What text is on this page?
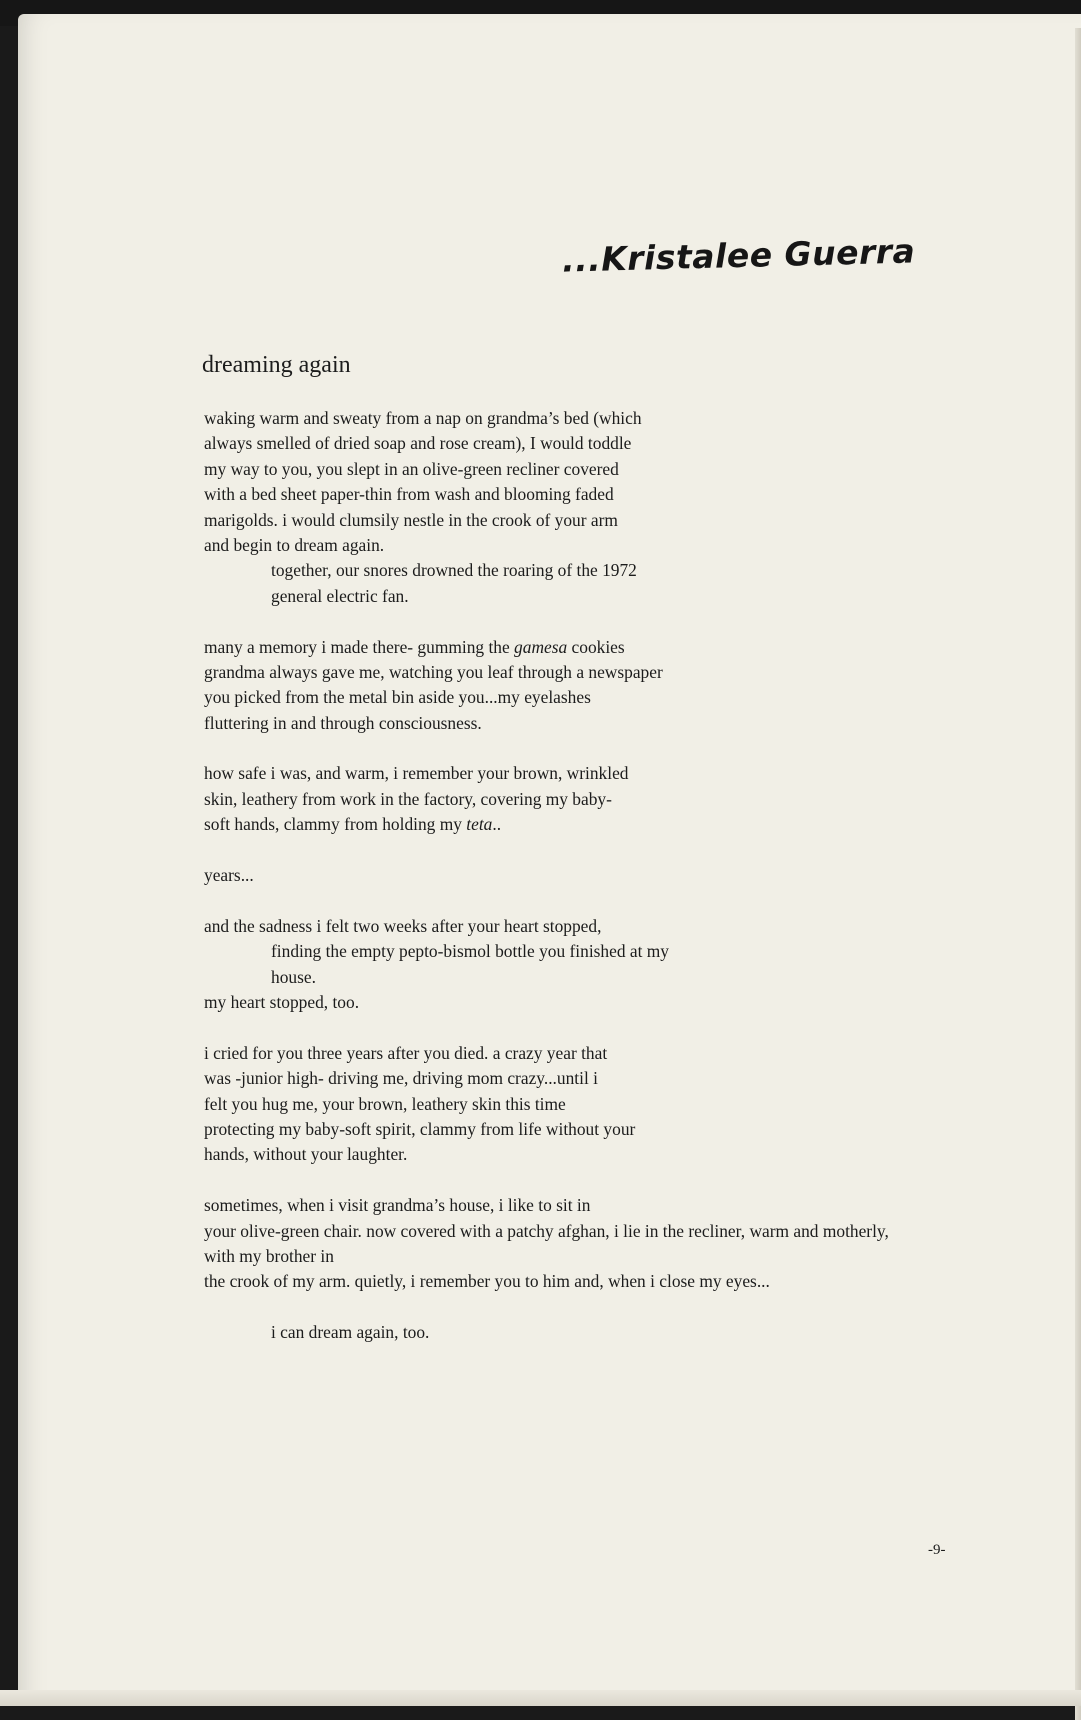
...Kristalee Guerra
dreaming again
waking warm and sweaty from a nap on grandma’s bed (which
always smelled of dried soap and rose cream), I would toddle
my way to you, you slept in an olive-green recliner covered
with a bed sheet paper-thin from wash and blooming faded
marigolds. i would clumsily nestle in the crook of your arm
and begin to dream again.
together, our snores drowned the roaring of the 1972
general electric fan.
many a memory i made there- gumming the gamesa cookies
grandma always gave me, watching you leaf through a newspaper
you picked from the metal bin aside you...my eyelashes
fluttering in and through consciousness.
how safe i was, and warm, i remember your brown, wrinkled
skin, leathery from work in the factory, covering my baby-
soft hands, clammy from holding my teta..
years...
and the sadness i felt two weeks after your heart stopped,
finding the empty pepto-bismol bottle you finished at my
house.
my heart stopped, too.
i cried for you three years after you died. a crazy year that
was -junior high- driving me, driving mom crazy...until i
felt you hug me, your brown, leathery skin this time
protecting my baby-soft spirit, clammy from life without your
hands, without your laughter.
sometimes, when i visit grandma’s house, i like to sit in
your olive-green chair. now covered with a patchy afghan, i lie in the recliner, warm and motherly,
with my brother in
the crook of my arm. quietly, i remember you to him and, when i close my eyes...
i can dream again, too.
-9-
